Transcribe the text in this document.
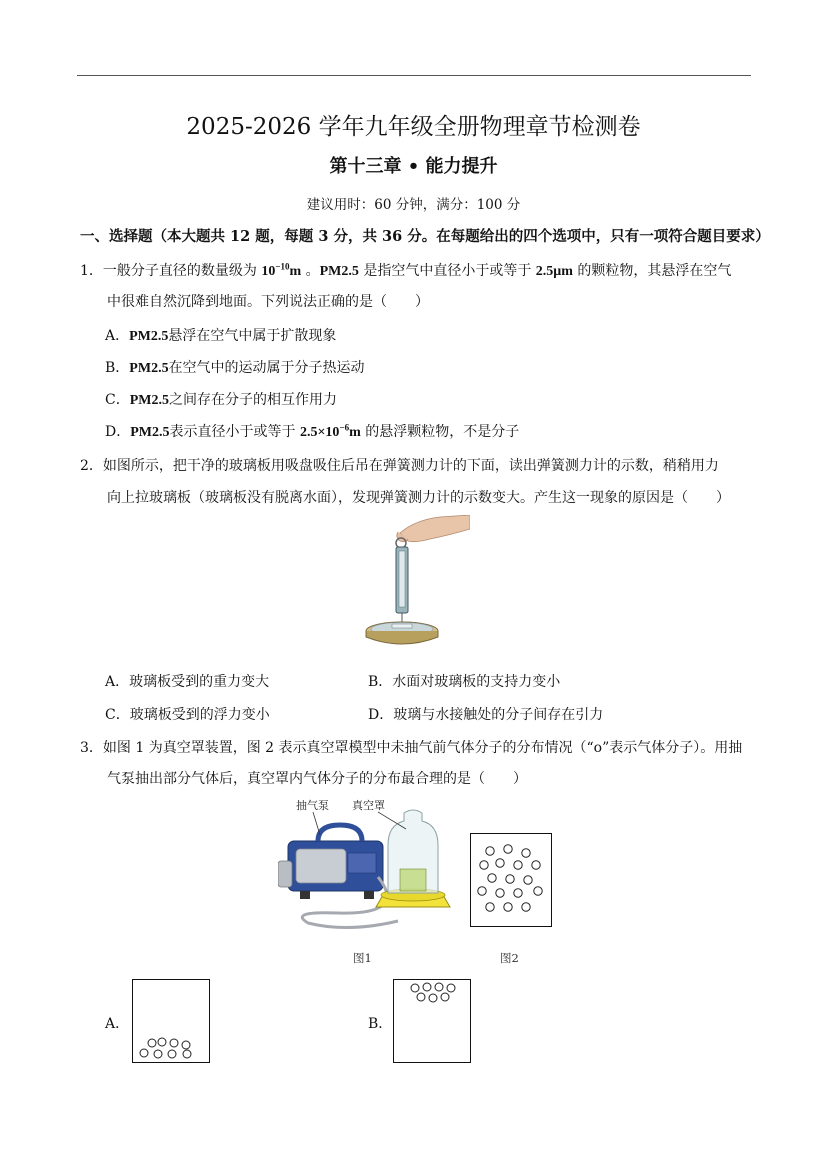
2025-2026 学年九年级全册物理章节检测卷
第十三章 • 能力提升
建议用时：60 分钟，满分：100 分
一、选择题（本大题共 12 题，每题 3 分，共 36 分。在每题给出的四个选项中，只有一项符合题目要求）
1．一般分子直径的数量级为 $10^{-10}m$ 。PM2.5 是指空气中直径小于或等于 2.5μm 的颗粒物，其悬浮在空气
中很难自然沉降到地面。下列说法正确的是（　　）
A．PM2.5悬浮在空气中属于扩散现象
B．PM2.5在空气中的运动属于分子热运动
C．PM2.5之间存在分子的相互作用力
D．PM2.5表示直径小于或等于 $2.5\times 10^{-6}m$ 的悬浮颗粒物，不是分子
2．如图所示，把干净的玻璃板用吸盘吸住后吊在弹簧测力计的下面，读出弹簧测力计的示数，稍稍用力
向上拉玻璃板（玻璃板没有脱离水面），发现弹簧测力计的示数变大。产生这一现象的原因是（　　）
A．玻璃板受到的重力变大	B．水面对玻璃板的支持力变小
C．玻璃板受到的浮力变小	D．玻璃与水接触处的分子间存在引力
3．如图 1 为真空罩装置，图 2 表示真空罩模型中未抽气前气体分子的分布情况（“o”表示气体分子）。用抽
气泵抽出部分气体后，真空罩内气体分子的分布最合理的是（　　）
抽气泵 真空罩
图1	图2
A．	B．
